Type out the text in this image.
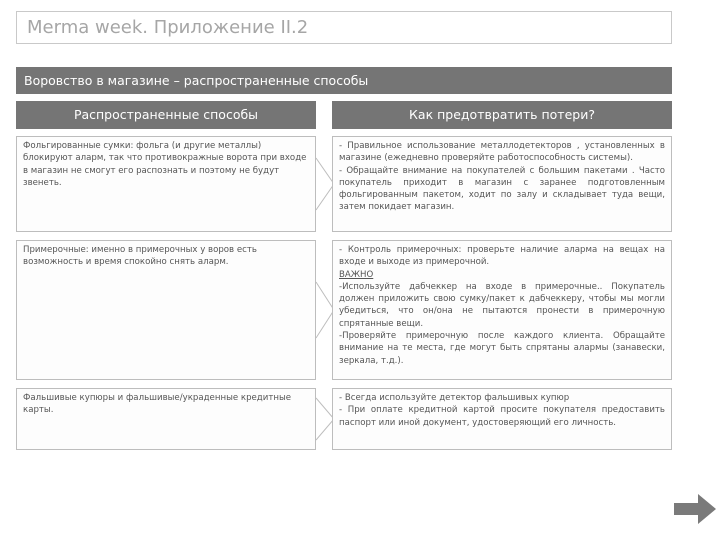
Merma week. Приложение II.2
Воровство в магазине – распространенные способы
Распространенные способы	Как предотвратить потери?
Фольгированные сумки: фольга (и другие металлы) блокируют аларм, так что противокражные ворота при входе в магазин не смогут его распознать и поэтому не будут звенеть.
- Правильное использование металлодетекторов , установленных в магазине (ежедневно проверяйте работоспособность системы).
- Обращайте внимание на покупателей с большим пакетами . Часто покупатель приходит в магазин с заранее подготовленным фольгированным пакетом, ходит по залу и складывает туда вещи, затем покидает магазин.
Примерочные: именно в примерочных у воров есть возможность и время спокойно снять аларм.
- Контроль примерочных: проверьте наличие аларма на вещах на входе и выходе из примерочной.
ВАЖНО
-Используйте дабчеккер на входе в примерочные.. Покупатель должен приложить свою сумку/пакет к дабчеккеру, чтобы мы могли убедиться, что он/она не пытаются пронести в примерочную спрятанные вещи.
-Проверяйте примерочную после каждого клиента. Обращайте внимание на те места, где могут быть спрятаны алармы (занавески, зеркала, т.д.).
Фальшивые купюры и фальшивые/украденные кредитные карты.
- Всегда используйте детектор фальшивых купюр
- При оплате кредитной картой просите покупателя предоставить паспорт или иной документ, удостоверяющий его личность.
